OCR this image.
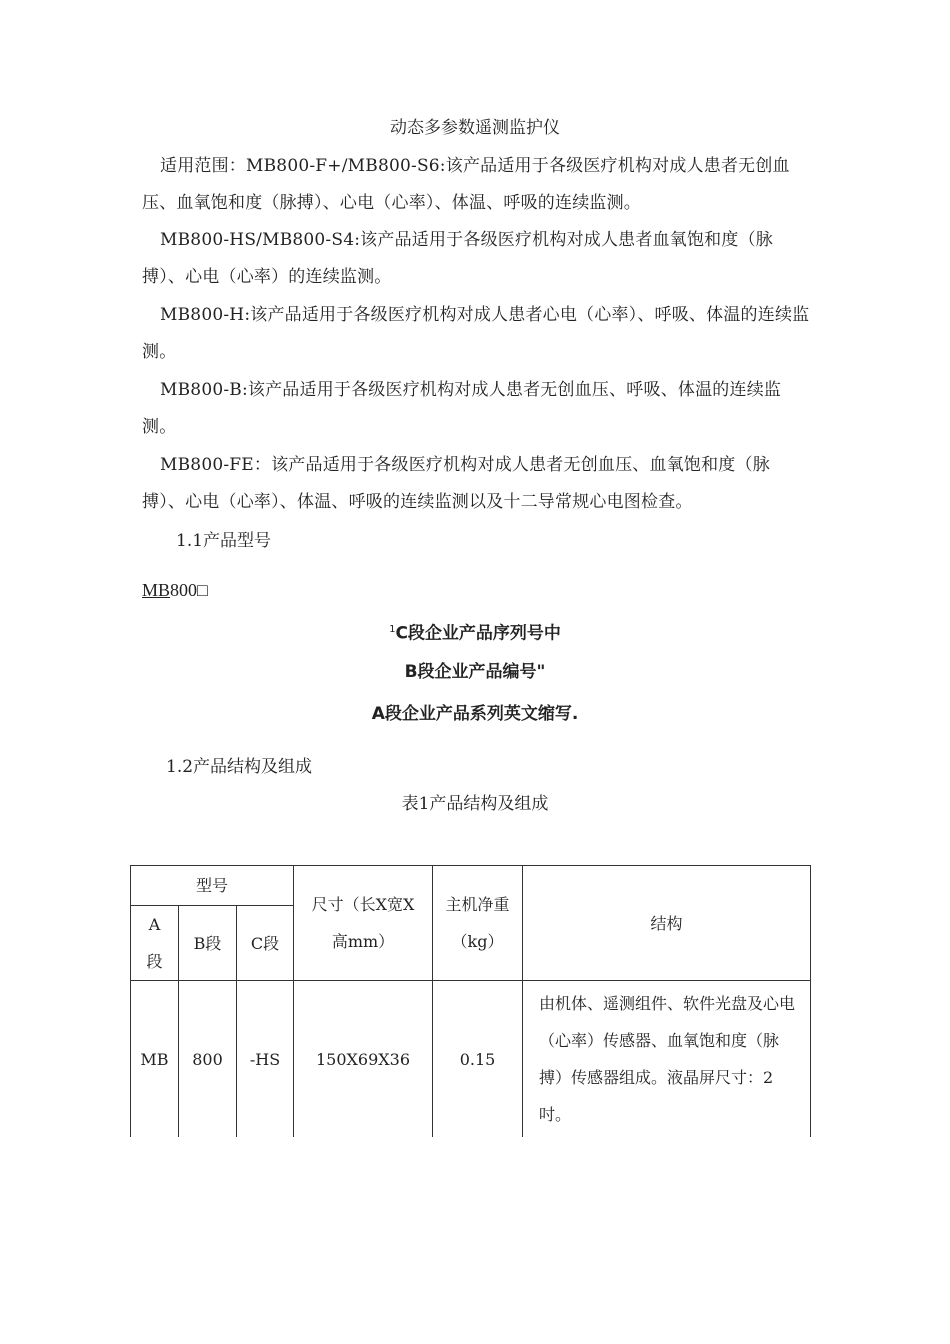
动态多参数遥测监护仪

适用范围：MB800-F+/MB800-S6:该产品适用于各级医疗机构对成人患者无创血压、血氧饱和度（脉搏）、心电（心率）、体温、呼吸的连续监测。

MB800-HS/MB800-S4:该产品适用于各级医疗机构对成人患者血氧饱和度（脉搏）、心电（心率）的连续监测。

MB800-H:该产品适用于各级医疗机构对成人患者心电（心率）、呼吸、体温的连续监测。

MB800-B:该产品适用于各级医疗机构对成人患者无创血压、呼吸、体温的连续监测。

MB800-FE：该产品适用于各级医疗机构对成人患者无创血压、血氧饱和度（脉搏）、心电（心率）、体温、呼吸的连续监测以及十二导常规心电图检查。

1.1产品型号
MB800□
$^1$C段企业产品序列号中
B段企业产品编号"
A段企业产品系列英文缩写.
1.2产品结构及组成
表1产品结构及组成
型号			尺寸（长X宽X高mm）	主机净重（kg）	结构
A段	B段	C段			
MB	800	-HS	150X69X36	0.15	由机体、遥测组件、软件光盘及心电（心率）传感器、血氧饱和度（脉搏）传感器组成。液晶屏尺寸：2吋。
